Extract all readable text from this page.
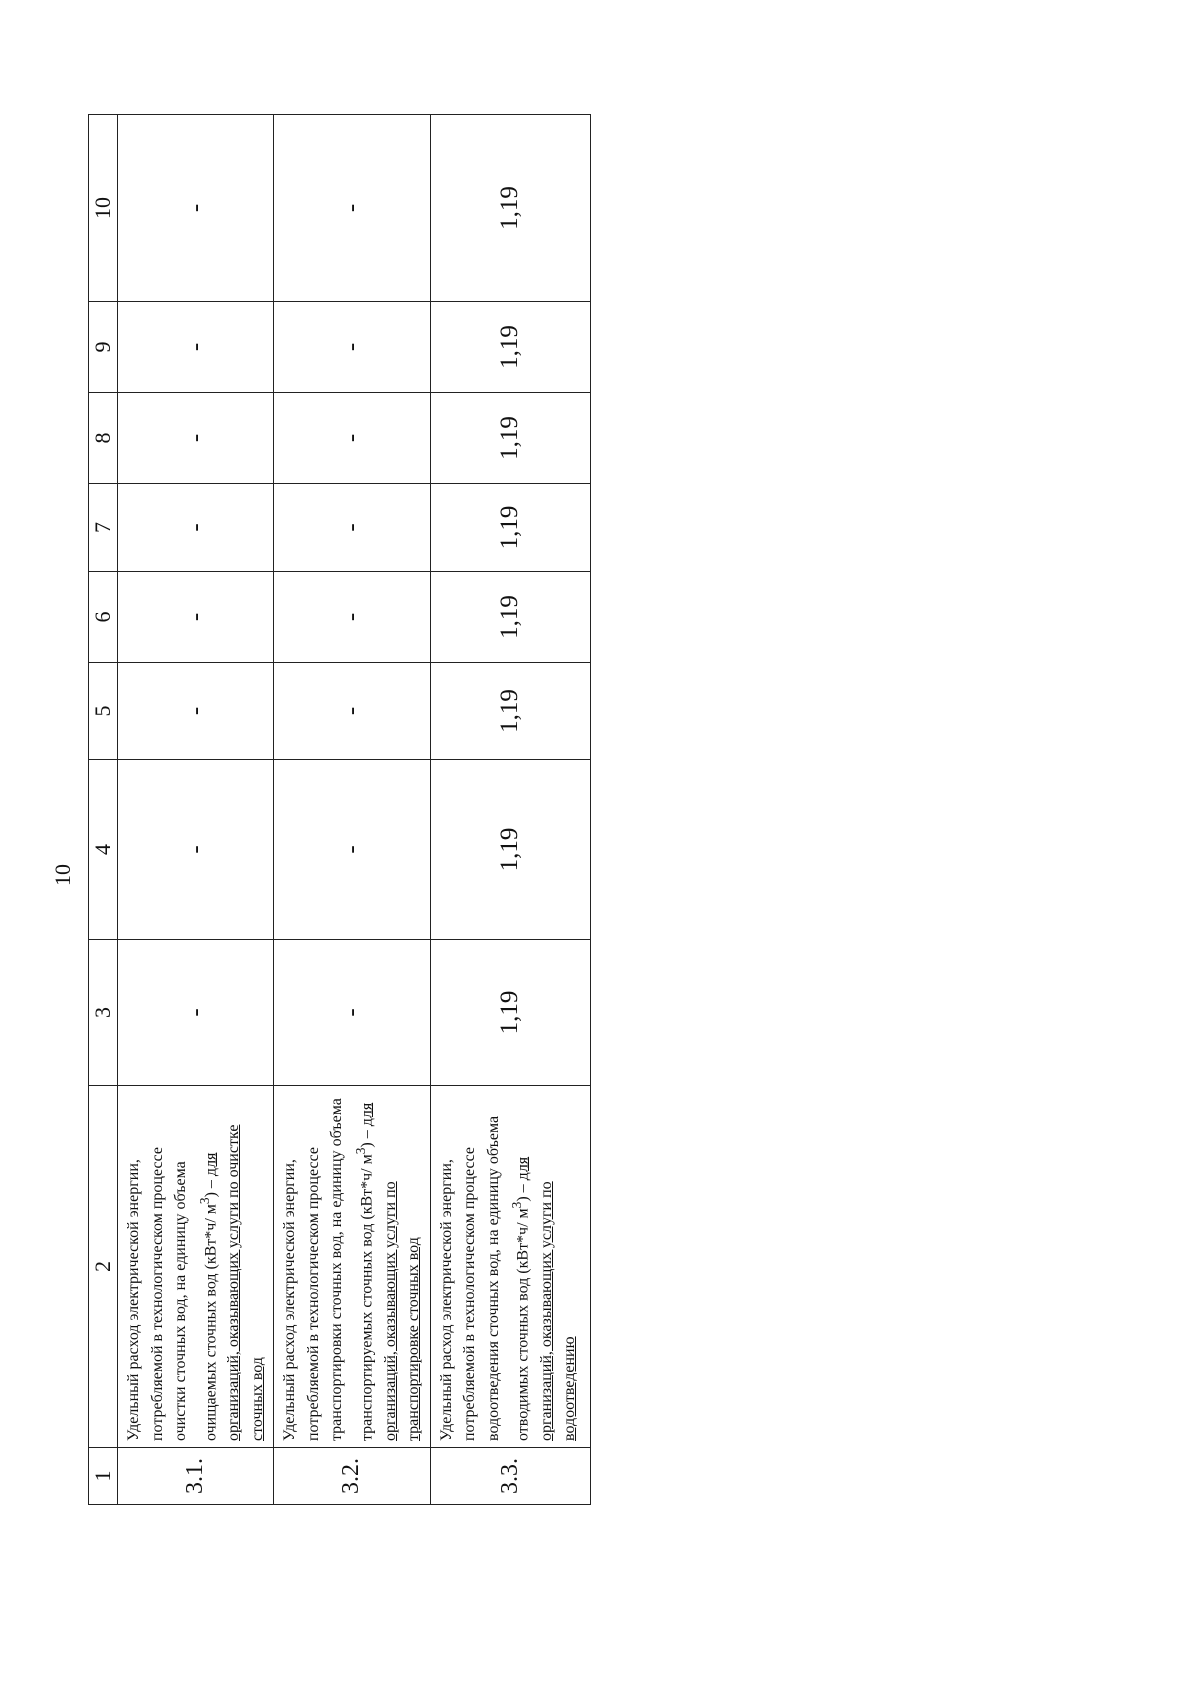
10
1	2	3	4	5	6	7	8	9	10
3.1.	Удельный расход электрической энергии, потребляемой в технологическом процессе очистки сточных вод, на единицу объема очищаемых сточных вод (кВт*ч/ $м^3$) – для организаций, оказывающих услуги по очистке сточных вод	-	-	-	-	-	-	-	-
3.2.	Удельный расход электрической энергии, потребляемой в технологическом процессе транспортировки сточных вод, на единицу объема транспортируемых сточных вод (кВт*ч/ $м^3$) – для организаций, оказывающих услуги по транспортировке сточных вод	-	-	-	-	-	-	-	-
3.3.	Удельный расход электрической энергии, потребляемой в технологическом процессе водоотведения сточных вод, на единицу объема отводимых сточных вод (кВт*ч/ $м^3$) – для организаций, оказывающих услуги по водоотведению	1,19	1,19	1,19	1,19	1,19	1,19	1,19	1,19
